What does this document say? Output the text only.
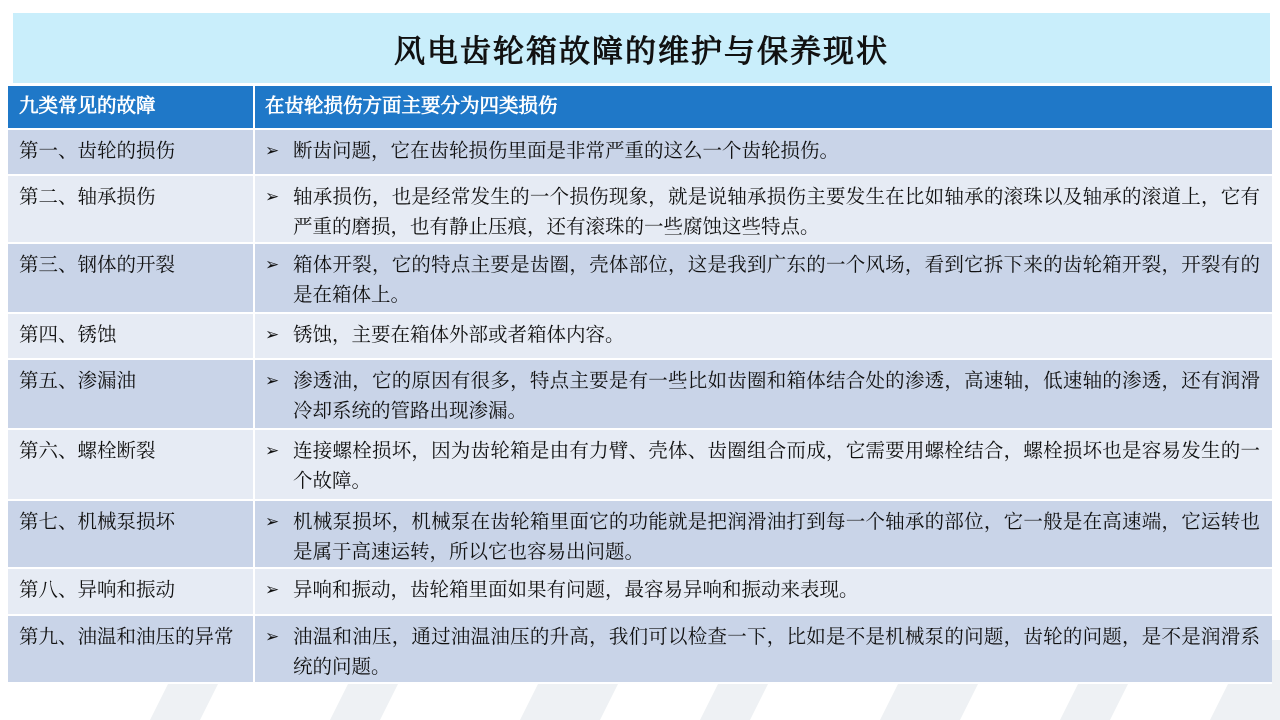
风电齿轮箱故障的维护与保养现状
九类常见的故障	在齿轮损伤方面主要分为四类损伤
第一、齿轮的损伤	➢ 断齿问题，它在齿轮损伤里面是非常严重的这么一个齿轮损伤。
第二、轴承损伤	➢ 轴承损伤，也是经常发生的一个损伤现象，就是说轴承损伤主要发生在比如轴承的滚珠以及轴承的滚道上，它有严重的磨损，也有静止压痕，还有滚珠的一些腐蚀这些特点。
第三、钢体的开裂	➢ 箱体开裂，它的特点主要是齿圈，壳体部位，这是我到广东的一个风场，看到它拆下来的齿轮箱开裂，开裂有的是在箱体上。
第四、锈蚀	➢ 锈蚀，主要在箱体外部或者箱体内容。
第五、渗漏油	➢ 渗透油，它的原因有很多，特点主要是有一些比如齿圈和箱体结合处的渗透，高速轴，低速轴的渗透，还有润滑冷却系统的管路出现渗漏。
第六、螺栓断裂	➢ 连接螺栓损坏，因为齿轮箱是由有力臂、壳体、齿圈组合而成，它需要用螺栓结合，螺栓损坏也是容易发生的一个故障。
第七、机械泵损坏	➢ 机械泵损坏，机械泵在齿轮箱里面它的功能就是把润滑油打到每一个轴承的部位，它一般是在高速端，它运转也是属于高速运转，所以它也容易出问题。
第八、异响和振动	➢ 异响和振动，齿轮箱里面如果有问题，最容易异响和振动来表现。
第九、油温和油压的异常	➢ 油温和油压，通过油温油压的升高，我们可以检查一下，比如是不是机械泵的问题，齿轮的问题，是不是润滑系统的问题。
